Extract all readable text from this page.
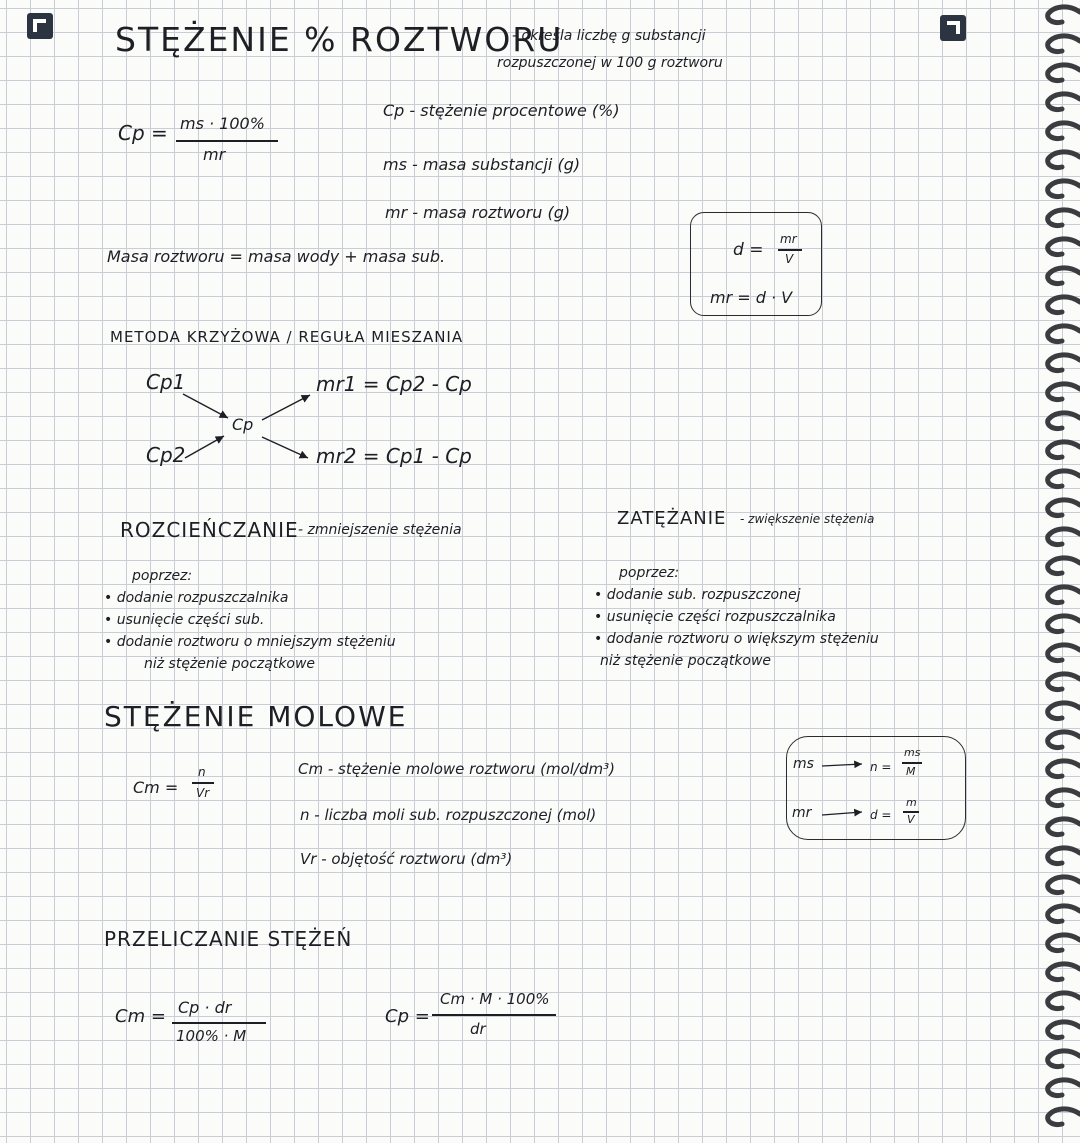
STĘŻENIE % ROZTWORU
- określa liczbę g substancji
rozpuszczonej w 100 g roztworu
Cp = ms · 100%
mr
Cp - stężenie procentowe (%)
ms - masa substancji (g)
mr - masa roztworu (g)
Masa roztworu = masa wody + masa sub.	d =
mr
V
mr = d · V
METODA KRZYŻOWA / REGUŁA MIESZANIA
Cp1
Cp2
Cp
mr1 = Cp2 - Cp
mr2 = Cp1 - Cp
ROZCIEŃCZANIE - zmniejszenie stężenia
poprzez:
• dodanie rozpuszczalnika
• usunięcie części sub.
• dodanie roztworu o mniejszym stężeniu
niż stężenie początkowe
ZATĘŻANIE - zwiększenie stężenia
poprzez:
• dodanie sub. rozpuszczonej
• usunięcie części rozpuszczalnika
• dodanie roztworu o większym stężeniu
niż stężenie początkowe
STĘŻENIE MOLOWE
Cm =
n
Vr
Cm - stężenie molowe roztworu (mol/dm³)
n - liczba moli sub. rozpuszczonej (mol)
Vr - objętość roztworu (dm³)
ms	n =
ms
M
mr	d =
m
V
PRZELICZANIE STĘŻEŃ
Cm = Cp · dr
100% · M
Cp =
Cm · M · 100%
dr
